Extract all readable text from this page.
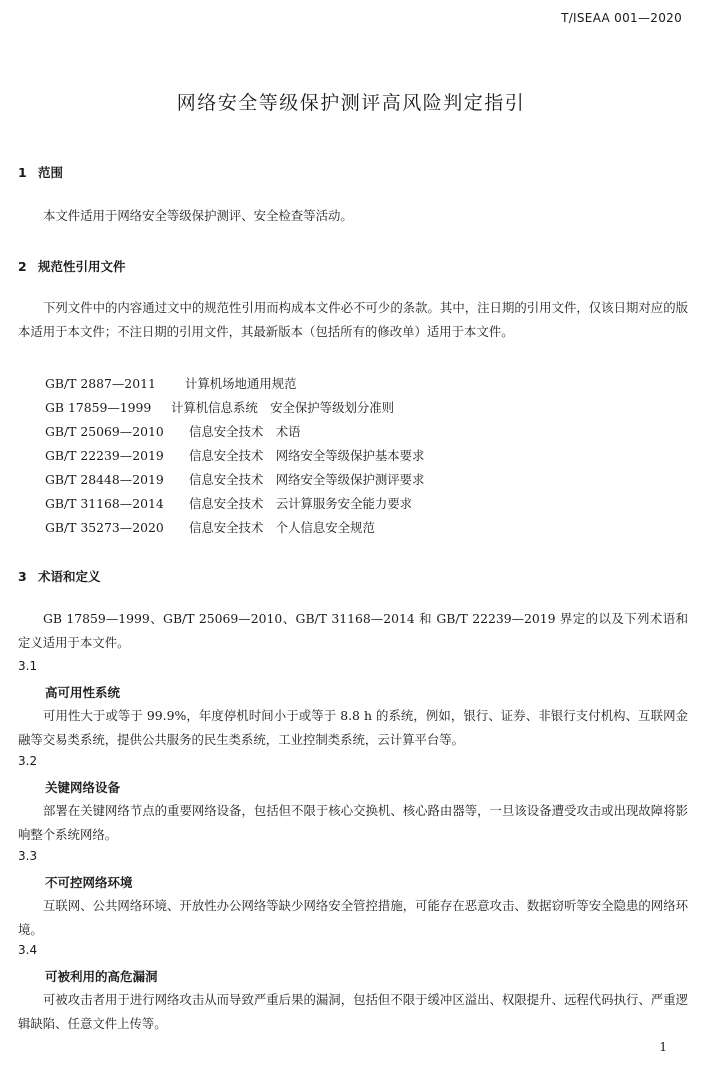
T/ISEAA 001—2020
网络安全等级保护测评高风险判定指引
1 范围
本文件适用于网络安全等级保护测评、安全检查等活动。
2 规范性引用文件
下列文件中的内容通过文中的规范性引用而构成本文件必不可少的条款。其中，注日期的引用文件，仅该日期对应的版本适用于本文件；不注日期的引用文件，其最新版本（包括所有的修改单）适用于本文件。
GB/T 2887—2011 计算机场地通用规范
GB 17859—1999 计算机信息系统　安全保护等级划分准则
GB/T 25069—2010 信息安全技术　术语
GB/T 22239—2019 信息安全技术　网络安全等级保护基本要求
GB/T 28448—2019 信息安全技术　网络安全等级保护测评要求
GB/T 31168—2014 信息安全技术　云计算服务安全能力要求
GB/T 35273—2020 信息安全技术　个人信息安全规范
3 术语和定义
GB 17859—1999、GB/T 25069—2010、GB/T 31168—2014 和 GB/T 22239—2019 界定的以及下列术语和定义适用于本文件。
3.1
高可用性系统
可用性大于或等于 99.9%，年度停机时间小于或等于 8.8 h 的系统，例如，银行、证券、非银行支付机构、互联网金融等交易类系统，提供公共服务的民生类系统，工业控制类系统，云计算平台等。
3.2
关键网络设备
部署在关键网络节点的重要网络设备，包括但不限于核心交换机、核心路由器等，一旦该设备遭受攻击或出现故障将影响整个系统网络。
3.3
不可控网络环境
互联网、公共网络环境、开放性办公网络等缺少网络安全管控措施，可能存在恶意攻击、数据窃听等安全隐患的网络环境。
3.4
可被利用的高危漏洞
可被攻击者用于进行网络攻击从而导致严重后果的漏洞，包括但不限于缓冲区溢出、权限提升、远程代码执行、严重逻辑缺陷、任意文件上传等。
1
